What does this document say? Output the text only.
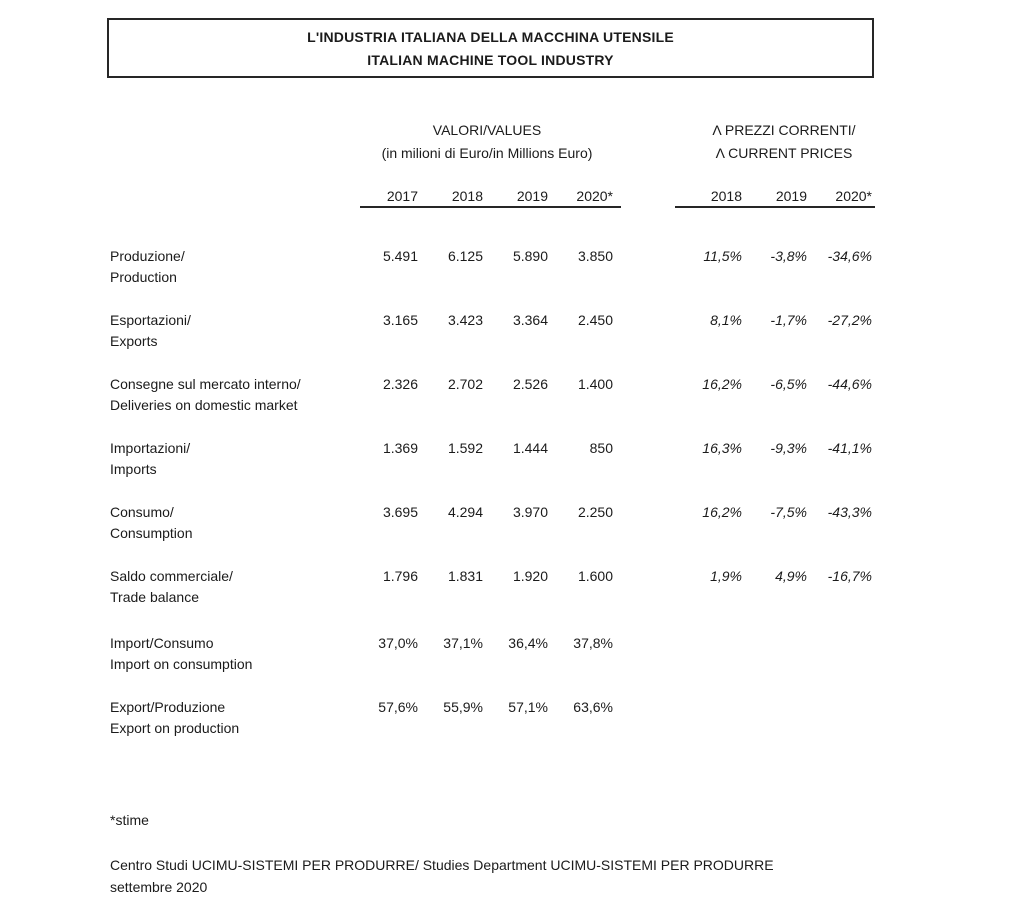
L'INDUSTRIA ITALIANA DELLA MACCHINA UTENSILE
ITALIAN MACHINE TOOL INDUSTRY
VALORI/VALUES
(in milioni di Euro/in Millions Euro)
Λ PREZZI CORRENTI/
Λ CURRENT PRICES
2017	2018	2019	2020*	2018	2019	2020*
Produzione/
Production
5.491	6.125	5.890	3.850	11,5%	-3,8%	-34,6%
Esportazioni/
Exports
3.165	3.423	3.364	2.450	8,1%	-1,7%	-27,2%
Consegne sul mercato interno/
Deliveries on domestic market
2.326	2.702	2.526	1.400	16,2%	-6,5%	-44,6%
Importazioni/
Imports
1.369	1.592	1.444	850	16,3%	-9,3%	-41,1%
Consumo/
Consumption
3.695	4.294	3.970	2.250	16,2%	-7,5%	-43,3%
Saldo commerciale/
Trade balance
1.796	1.831	1.920	1.600	1,9%	4,9%	-16,7%
Import/Consumo
Import on consumption
37,0%	37,1%	36,4%	37,8%
Export/Produzione
Export on production
57,6%	55,9%	57,1%	63,6%
*stime
Centro Studi UCIMU-SISTEMI PER PRODURRE/ Studies Department UCIMU-SISTEMI PER PRODURRE
settembre 2020
